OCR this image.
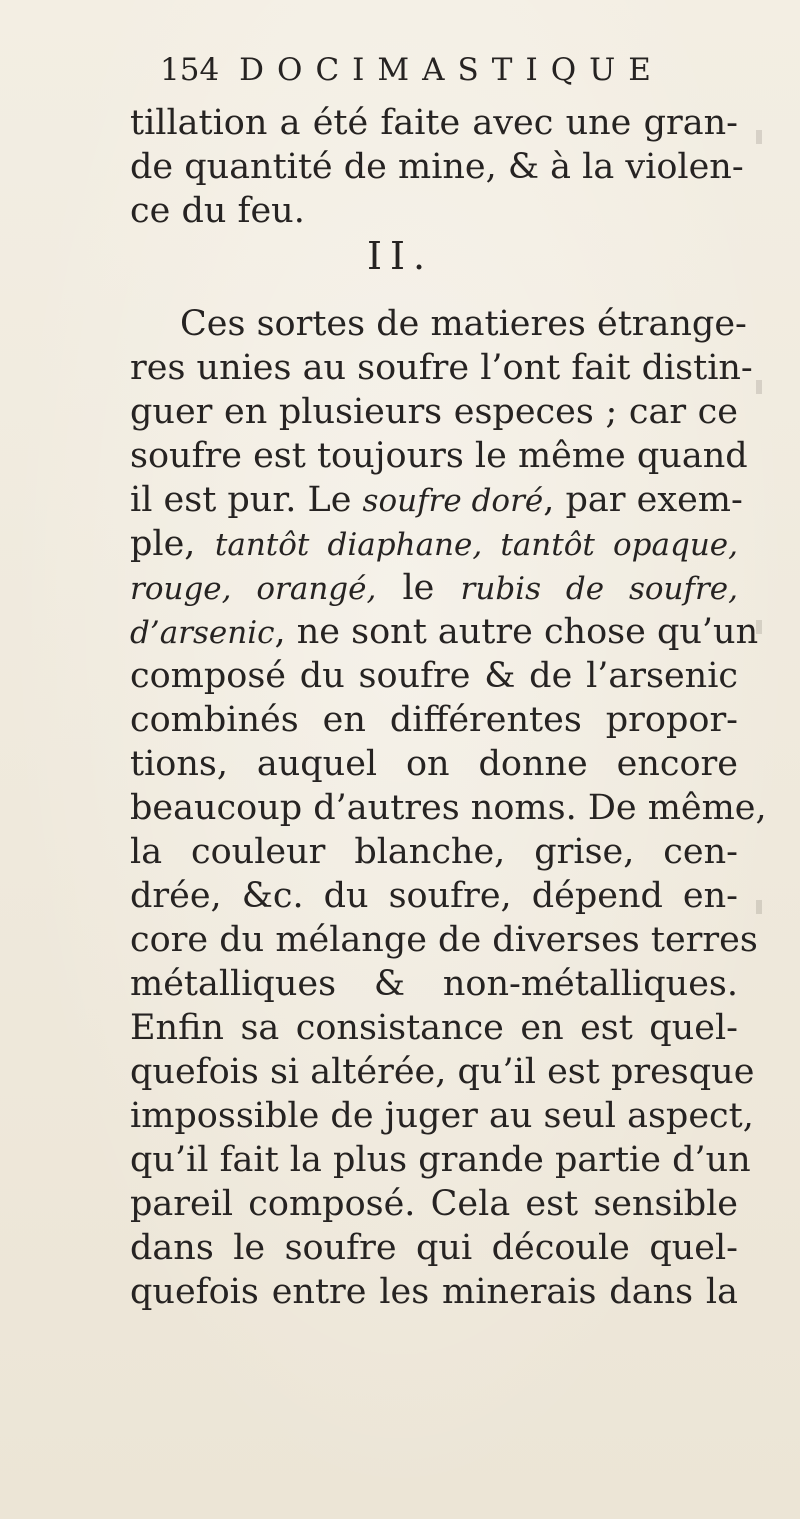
154 DOCIMASTIQUE
tillation a été faite avec une gran-
de quantité de mine, & à la violen-
ce du feu.
II.
Ces sortes de matieres étrange-
res unies au soufre l’ont fait distin-
guer en plusieurs especes ; car ce
soufre est toujours le même quand
il est pur. Le soufre doré, par exem-
ple, tantôt diaphane, tantôt opaque,
rouge, orangé, le rubis de soufre,
d’arsenic, ne sont autre chose qu’un
composé du soufre & de l’arsenic
combinés en différentes propor-
tions, auquel on donne encore
beaucoup d’autres noms. De même,
la couleur blanche, grise, cen-
drée, &c. du soufre, dépend en-
core du mélange de diverses terres
métalliques & non-métalliques.
Enfin sa consistance en est quel-
quefois si altérée, qu’il est presque
impossible de juger au seul aspect,
qu’il fait la plus grande partie d’un
pareil composé. Cela est sensible
dans le soufre qui découle quel-
quefois entre les minerais dans la
